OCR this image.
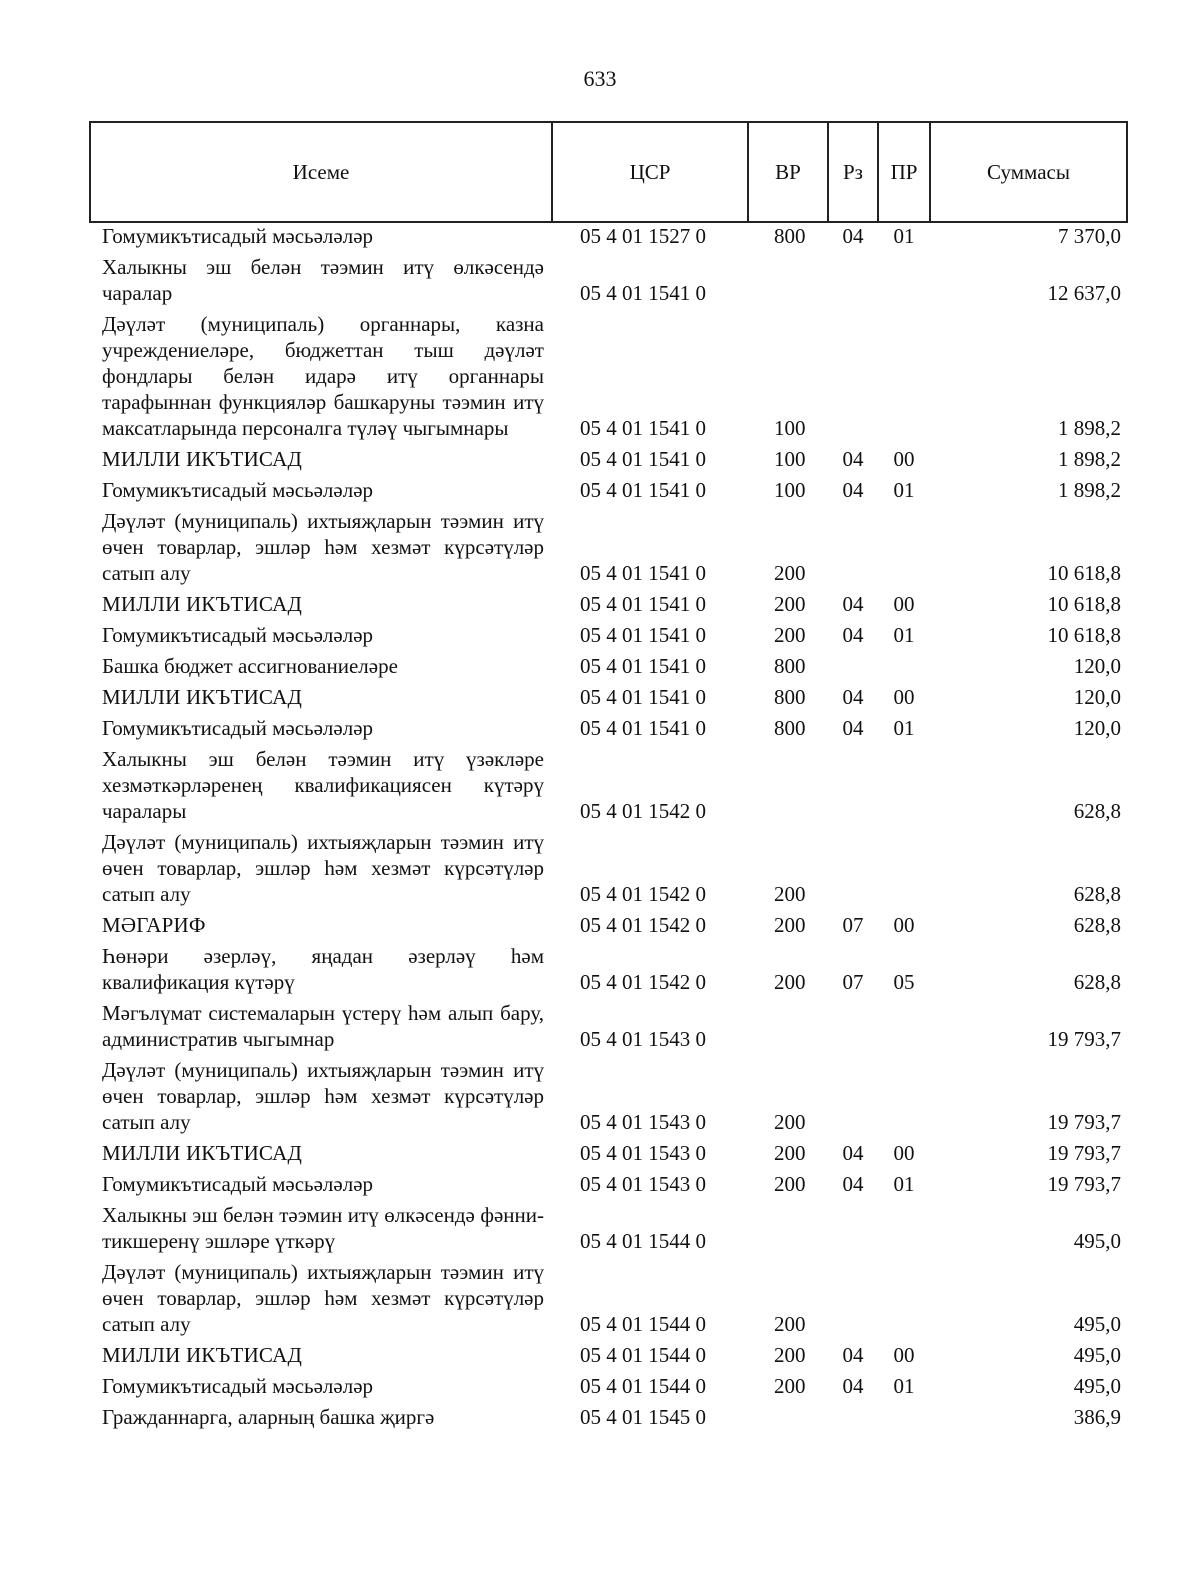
633
Исеме	ЦСР	ВР	Рз	ПР	Суммасы
Гомумикътисадый мәсьәләләр	05 4 01 1527 0	800	04	01	7 370,0
Халыкны эш белән тәэмин итү өлкәсендә чаралар	05 4 01 1541 0				12 637,0
Дәүләт (муниципаль) органнары, казна учреждениеләре, бюджеттан тыш дәүләт фондлары белән идарә итү органнары тарафыннан функцияләр башкаруны тәэмин итү максатларында персоналга түләү чыгымнары	05 4 01 1541 0	100			1 898,2
МИЛЛИ ИКЪТИСАД	05 4 01 1541 0	100	04	00	1 898,2
Гомумикътисадый мәсьәләләр	05 4 01 1541 0	100	04	01	1 898,2
Дәүләт (муниципаль) ихтыяҗларын тәэмин итү өчен товарлар, эшләр һәм хезмәт күрсәтүләр сатып алу	05 4 01 1541 0	200			10 618,8
МИЛЛИ ИКЪТИСАД	05 4 01 1541 0	200	04	00	10 618,8
Гомумикътисадый мәсьәләләр	05 4 01 1541 0	200	04	01	10 618,8
Башка бюджет ассигнованиеләре	05 4 01 1541 0	800			120,0
МИЛЛИ ИКЪТИСАД	05 4 01 1541 0	800	04	00	120,0
Гомумикътисадый мәсьәләләр	05 4 01 1541 0	800	04	01	120,0
Халыкны эш белән тәэмин итү үзәкләре хезмәткәрләренең квалификациясен күтәрү чаралары	05 4 01 1542 0				628,8
Дәүләт (муниципаль) ихтыяҗларын тәэмин итү өчен товарлар, эшләр һәм хезмәт күрсәтүләр сатып алу	05 4 01 1542 0	200			628,8
МӘГАРИФ	05 4 01 1542 0	200	07	00	628,8
Һөнәри әзерләү, яңадан әзерләү һәм квалификация күтәрү	05 4 01 1542 0	200	07	05	628,8
Мәгълүмат системаларын үстерү һәм алып бару, административ чыгымнар	05 4 01 1543 0				19 793,7
Дәүләт (муниципаль) ихтыяҗларын тәэмин итү өчен товарлар, эшләр һәм хезмәт күрсәтүләр сатып алу	05 4 01 1543 0	200			19 793,7
МИЛЛИ ИКЪТИСАД	05 4 01 1543 0	200	04	00	19 793,7
Гомумикътисадый мәсьәләләр	05 4 01 1543 0	200	04	01	19 793,7
Халыкны эш белән тәэмин итү өлкәсендә фәнни-тикшеренү эшләре үткәрү	05 4 01 1544 0				495,0
Дәүләт (муниципаль) ихтыяҗларын тәэмин итү өчен товарлар, эшләр һәм хезмәт күрсәтүләр сатып алу	05 4 01 1544 0	200			495,0
МИЛЛИ ИКЪТИСАД	05 4 01 1544 0	200	04	00	495,0
Гомумикътисадый мәсьәләләр	05 4 01 1544 0	200	04	01	495,0
Гражданнарга, аларның башка җиргә	05 4 01 1545 0				386,9
